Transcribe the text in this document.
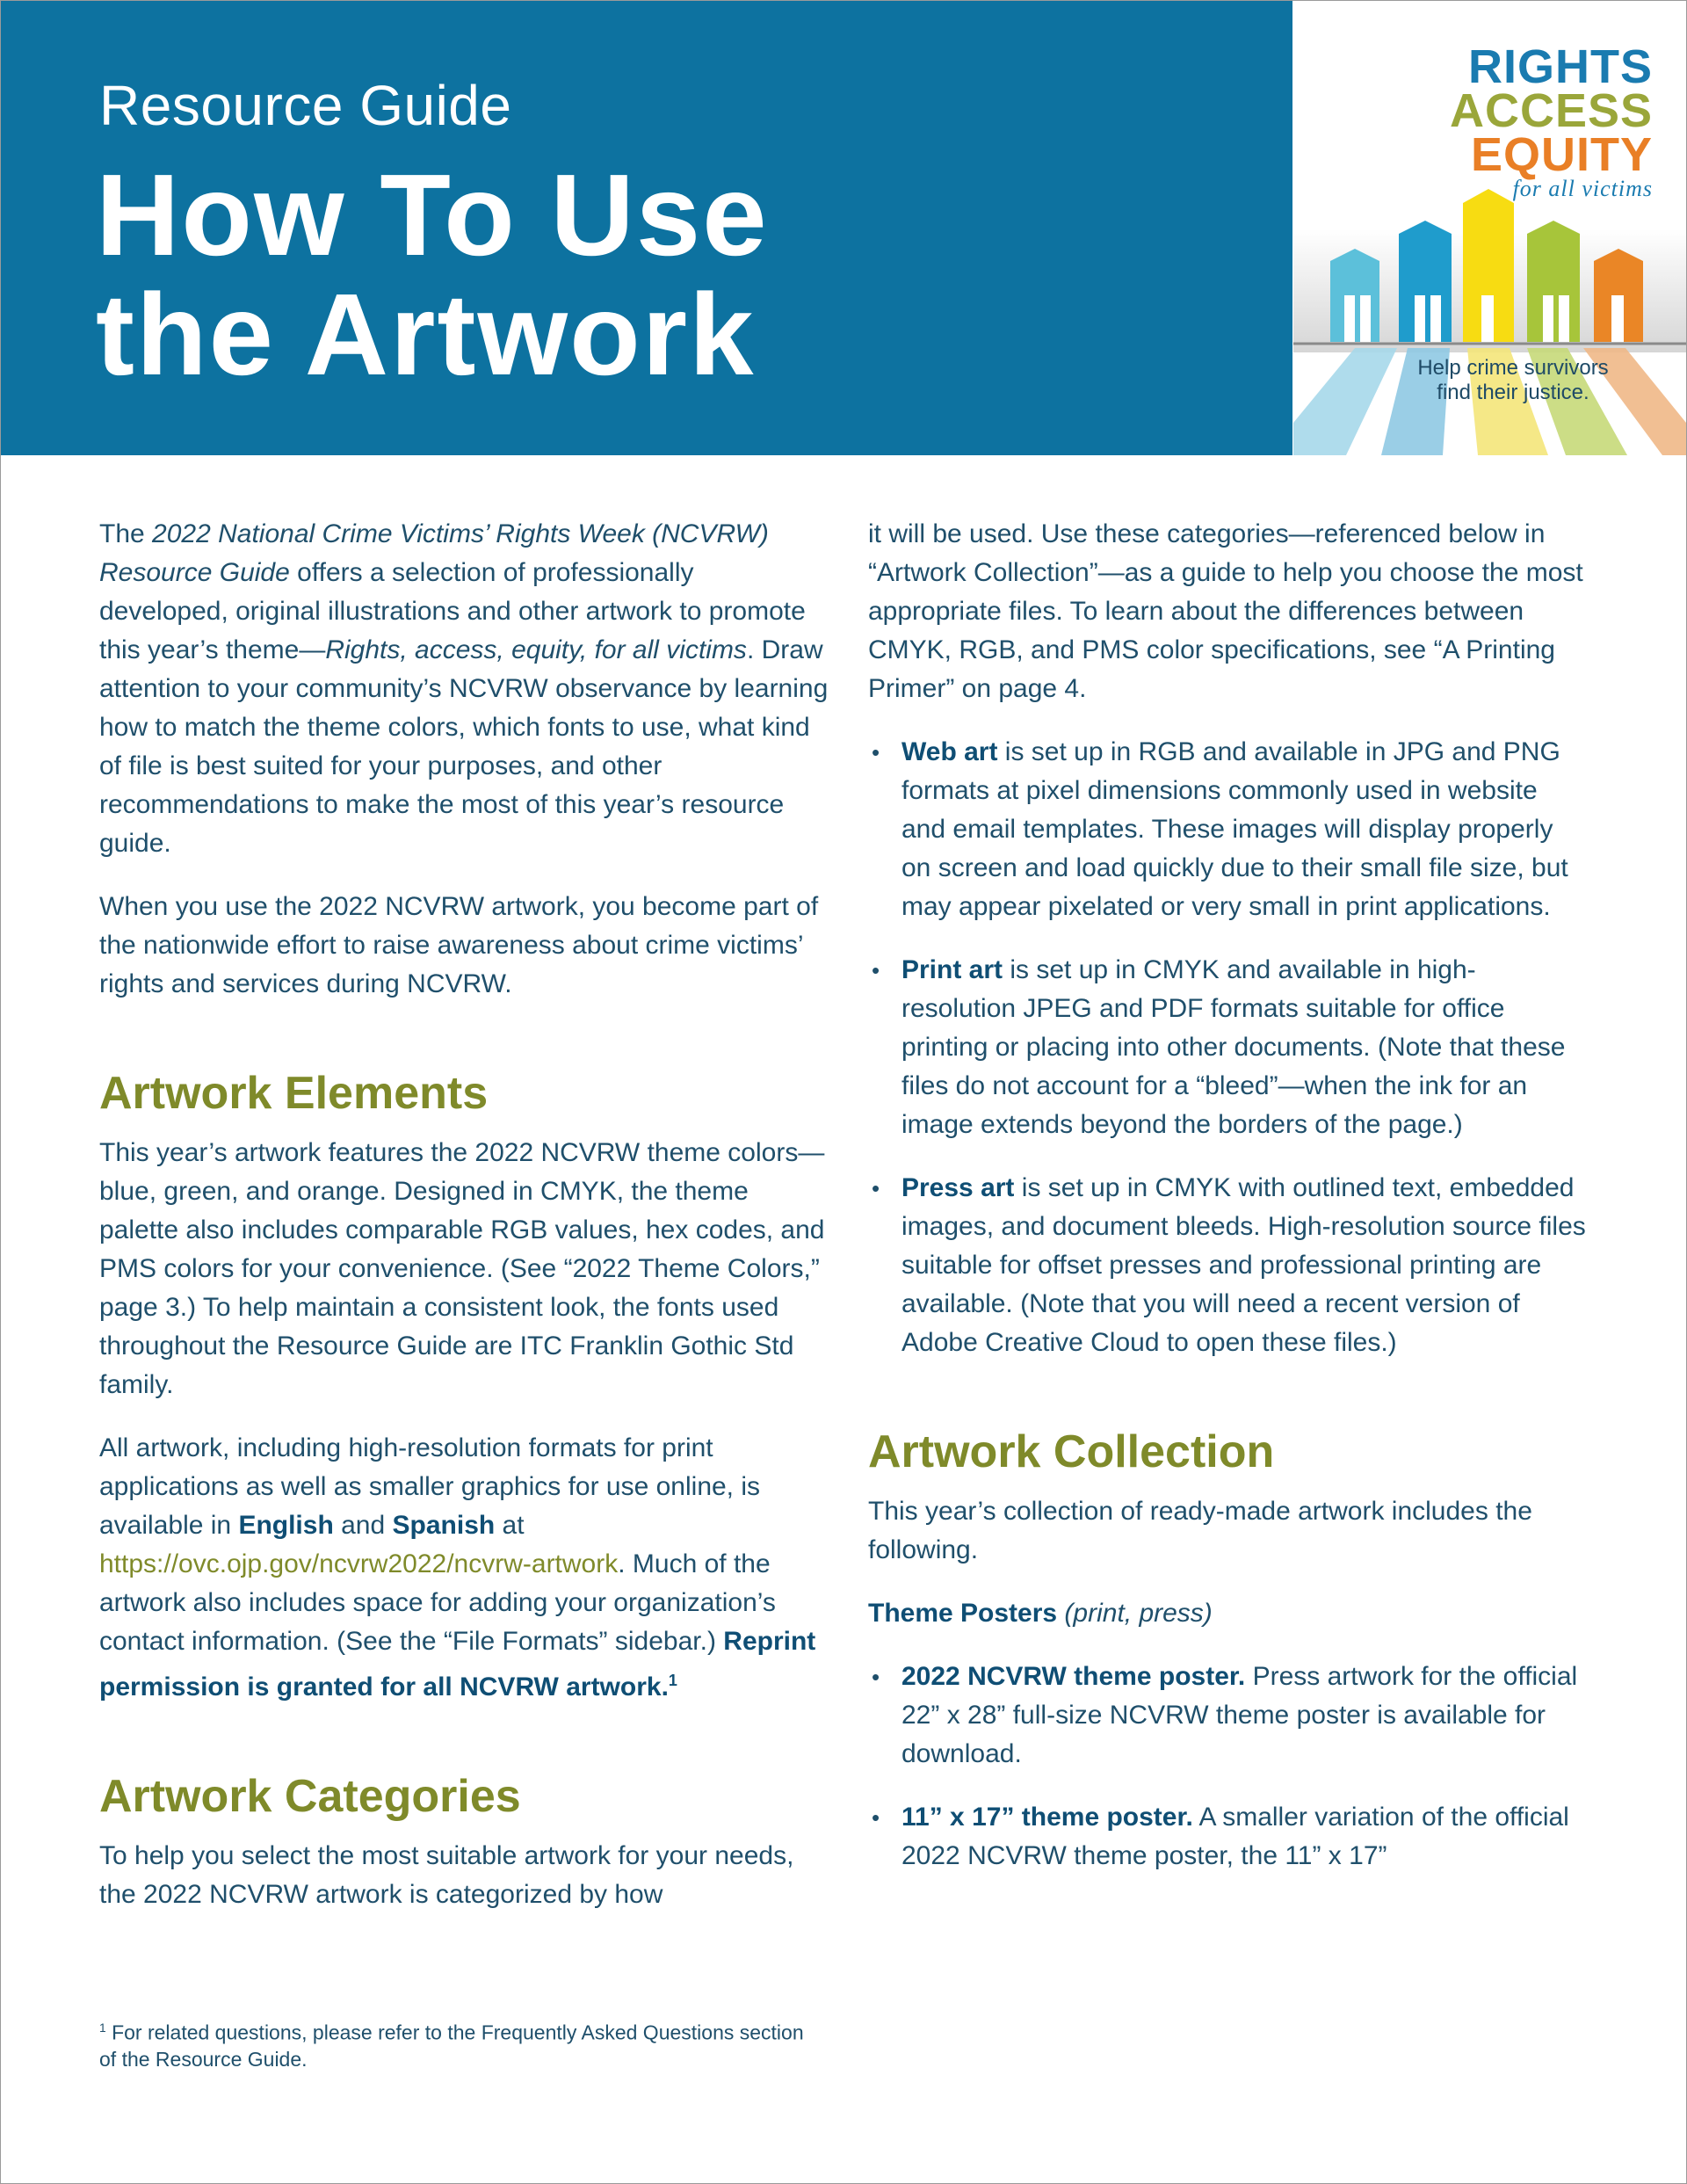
Resource Guide
How To Use
the Artwork
RIGHTS
ACCESS
EQUITY
for all victims
Help crime survivors
find their justice.

The 2022 National Crime Victims’ Rights Week (NCVRW) Resource Guide offers a selection of professionally developed, original illustrations and other artwork to promote this year’s theme—Rights, access, equity, for all victims. Draw attention to your community’s NCVRW observance by learning how to match the theme colors, which fonts to use, what kind of file is best suited for your purposes, and other recommendations to make the most of this year’s resource guide.

When you use the 2022 NCVRW artwork, you become part of the nationwide effort to raise awareness about crime victims’ rights and services during NCVRW.

Artwork Elements

This year’s artwork features the 2022 NCVRW theme colors—blue, green, and orange. Designed in CMYK, the theme palette also includes comparable RGB values, hex codes, and PMS colors for your convenience. (See “2022 Theme Colors,” page 3.) To help maintain a consistent look, the fonts used throughout the Resource Guide are ITC Franklin Gothic Std family.

All artwork, including high-resolution formats for print applications as well as smaller graphics for use online, is available in English and Spanish at https://ovc.ojp.gov/ncvrw2022/ncvrw-artwork. Much of the artwork also includes space for adding your organization’s contact information. (See the “File Formats” sidebar.) Reprint permission is granted for all NCVRW artwork.$^1$

Artwork Categories

To help you select the most suitable artwork for your needs, the 2022 NCVRW artwork is categorized by how

it will be used. Use these categories—referenced below in “Artwork Collection”—as a guide to help you choose the most appropriate files. To learn about the differences between CMYK, RGB, and PMS color specifications, see “A Printing Primer” on page 4.

• Web art is set up in RGB and available in JPG and PNG formats at pixel dimensions commonly used in website and email templates. These images will display properly on screen and load quickly due to their small file size, but may appear pixelated or very small in print applications.
• Print art is set up in CMYK and available in high-resolution JPEG and PDF formats suitable for office printing or placing into other documents. (Note that these files do not account for a “bleed”—when the ink for an image extends beyond the borders of the page.)
• Press art is set up in CMYK with outlined text, embedded images, and document bleeds. High-resolution source files suitable for offset presses and professional printing are available. (Note that you will need a recent version of Adobe Creative Cloud to open these files.)
Artwork Collection

This year’s collection of ready-made artwork includes the following.

Theme Posters (print, press)

• 2022 NCVRW theme poster. Press artwork for the official 22” x 28” full-size NCVRW theme poster is available for download.
• 11” x 17” theme poster. A smaller variation of the official 2022 NCVRW theme poster, the 11” x 17”
$^1$ For related questions, please refer to the Frequently Asked Questions section of the Resource Guide.
